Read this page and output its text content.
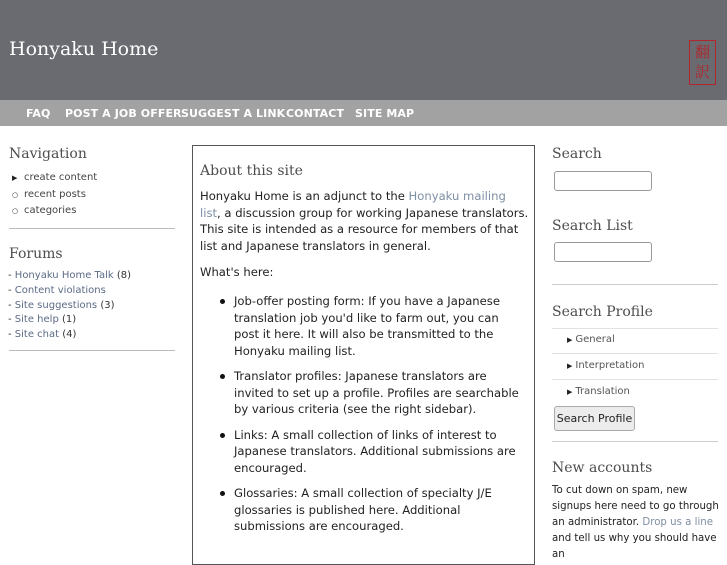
Honyaku Home	翻
訳
FAQ POST A JOB OFFER SUGGEST A LINK CONTACT SITE MAP
Navigation
▶ create content
○ recent posts
○ categories
Forums
- Honyaku Home Talk (8)
- Content violations
- Site suggestions (3)
- Site help (1)
- Site chat (4)
About this site
Honyaku Home is an adjunct to the Honyaku mailing list, a discussion group for working Japanese translators. This site is intended as a resource for members of that list and Japanese translators in general.
What's here:
Job-offer posting form: If you have a Japanese translation job you'd like to farm out, you can post it here. It will also be transmitted to the Honyaku mailing list.
Translator profiles: Japanese translators are invited to set up a profile. Profiles are searchable by various criteria (see the right sidebar).
Links: A small collection of links of interest to Japanese translators. Additional submissions are encouraged.
Glossaries: A small collection of specialty J/E glossaries is published here. Additional submissions are encouraged.
Search
Search List
Search Profile
▶ General
▶ Interpretation
▶ Translation
Search Profile
New accounts
To cut down on spam, new signups here need to go through an administrator. Drop us a line and tell us why you should have an
